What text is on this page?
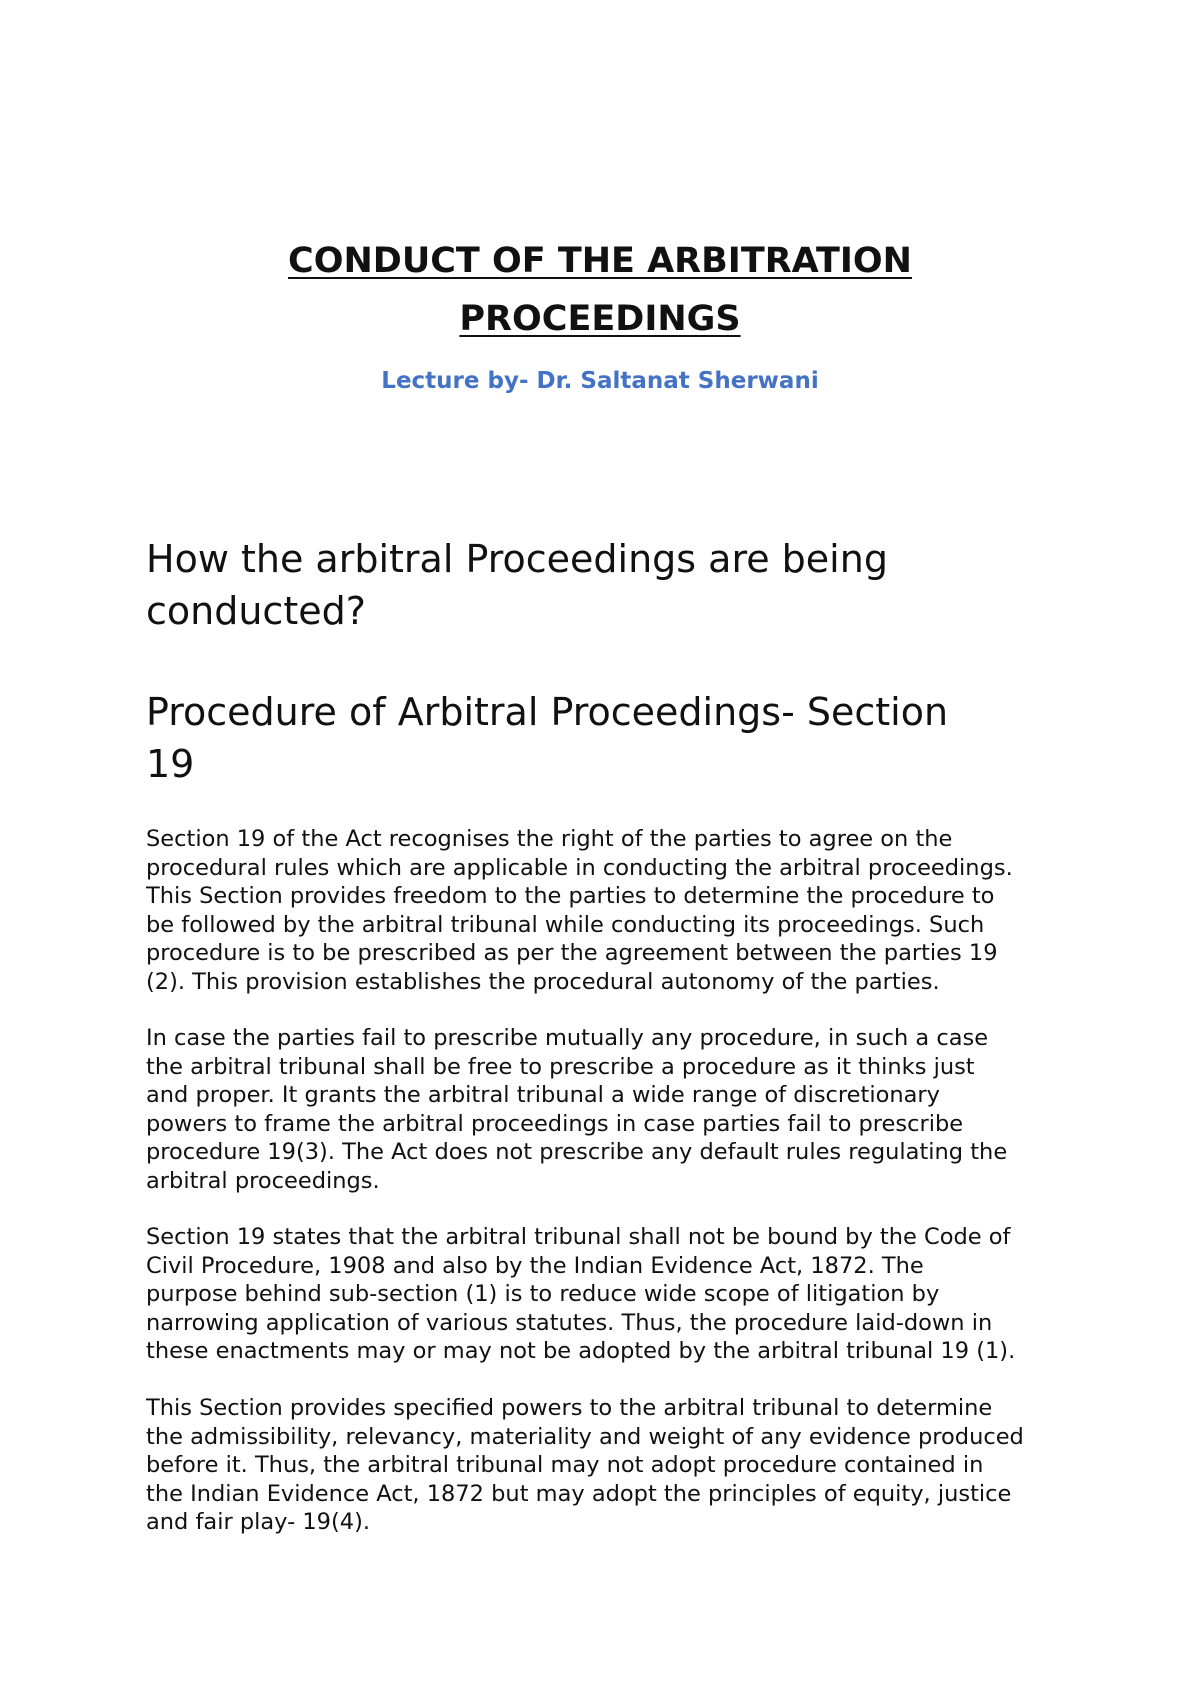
CONDUCT OF THE ARBITRATION
PROCEEDINGS

Lecture by- Dr. Saltanat Sherwani

How the arbitral Proceedings are being
conducted?
Procedure of Arbitral Proceedings- Section
19

Section 19 of the Act recognises the right of the parties to agree on the
procedural rules which are applicable in conducting the arbitral proceedings.
This Section provides freedom to the parties to determine the procedure to
be followed by the arbitral tribunal while conducting its proceedings. Such
procedure is to be prescribed as per the agreement between the parties 19
(2). This provision establishes the procedural autonomy of the parties.

In case the parties fail to prescribe mutually any procedure, in such a case
the arbitral tribunal shall be free to prescribe a procedure as it thinks just
and proper. It grants the arbitral tribunal a wide range of discretionary
powers to frame the arbitral proceedings in case parties fail to prescribe
procedure 19(3). The Act does not prescribe any default rules regulating the
arbitral proceedings.

Section 19 states that the arbitral tribunal shall not be bound by the Code of
Civil Procedure, 1908 and also by the Indian Evidence Act, 1872. The
purpose behind sub-section (1) is to reduce wide scope of litigation by
narrowing application of various statutes. Thus, the procedure laid-down in
these enactments may or may not be adopted by the arbitral tribunal 19 (1).

This Section provides specified powers to the arbitral tribunal to determine
the admissibility, relevancy, materiality and weight of any evidence produced
before it. Thus, the arbitral tribunal may not adopt procedure contained in
the Indian Evidence Act, 1872 but may adopt the principles of equity, justice
and fair play- 19(4).
